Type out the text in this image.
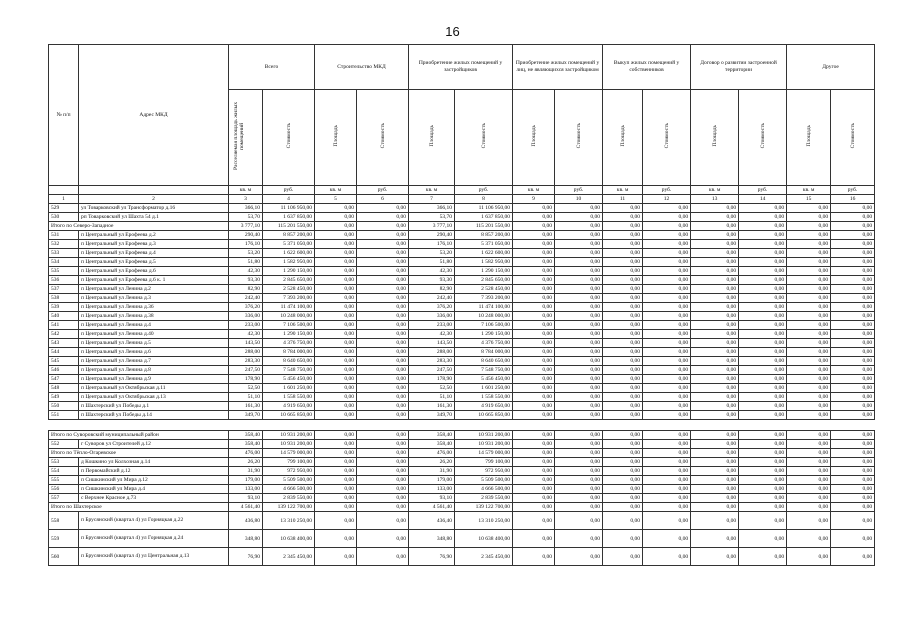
16
№ п/п	Адрес МКД	Всего		Строительство МКД		Приобретение жилых помещений у застройщиков		Приобретение жилых помещений у лиц, не являющихся застройщиком		Выкуп жилых помещений у собственников		Договор о развитии застроенной территории		Другое	
		Расселяемая площадь жилых помещений	Стоимость	Площадь	Стоимость	Площадь	Стоимость	Площадь	Стоимость	Площадь	Стоимость	Площадь	Стоимость	Площадь	Стоимость
		кв. м	руб.	кв. м	руб.	кв. м	руб.	кв. м	руб.	кв. м	руб.	кв. м	руб.	кв. м	руб.
1	2	3	4	5	6	7	8	9	10	11	12	13	14	15	16
529	ул Товарковский ул Трансформатор д.16	366,10	11 106 950,00	0,00	0,00	366,10	11 106 950,00	0,00	0,00	0,00	0,00	0,00	0,00	0,00	0,00
530	рп Товарковский ул Шахта 54 д.1	53,70	1 637 850,00	0,00	0,00	53,70	1 637 850,00	0,00	0,00	0,00	0,00	0,00	0,00	0,00	0,00
Итого по Северо-Западное		3 777,10	115 201 550,00	0,00	0,00	3 777,10	115 201 550,00	0,00	0,00	0,00	0,00	0,00	0,00	0,00	0,00
531	п Центральный ул Ерофеева д.2	290,40	8 857 200,00	0,00	0,00	290,40	8 857 200,00	0,00	0,00	0,00	0,00	0,00	0,00	0,00	0,00
532	п Центральный ул Ерофеева д.3	176,10	5 371 050,00	0,00	0,00	176,10	5 371 050,00	0,00	0,00	0,00	0,00	0,00	0,00	0,00	0,00
533	п Центральный ул Ерофеева д.4	53,20	1 622 600,00	0,00	0,00	53,20	1 622 600,00	0,00	0,00	0,00	0,00	0,00	0,00	0,00	0,00
534	п Центральный ул Ерофеева д.5	51,80	1 582 950,00	0,00	0,00	51,80	1 582 950,00	0,00	0,00	0,00	0,00	0,00	0,00	0,00	0,00
535	п Центральный ул Ерофеева д.6	42,30	1 290 150,00	0,00	0,00	42,30	1 290 150,00	0,00	0,00	0,00	0,00	0,00	0,00	0,00	0,00
536	п Центральный ул Ерофеева д.6 к. 1	93,30	2 845 650,00	0,00	0,00	93,30	2 845 650,00	0,00	0,00	0,00	0,00	0,00	0,00	0,00	0,00
537	п Центральный ул Ленина д.2	82,90	2 528 450,00	0,00	0,00	82,90	2 528 450,00	0,00	0,00	0,00	0,00	0,00	0,00	0,00	0,00
538	п Центральный ул Ленина д.3	242,40	7 393 200,00	0,00	0,00	242,40	7 393 200,00	0,00	0,00	0,00	0,00	0,00	0,00	0,00	0,00
539	п Центральный ул Ленина д.36	376,20	11 474 100,00	0,00	0,00	376,20	11 474 100,00	0,00	0,00	0,00	0,00	0,00	0,00	0,00	0,00
540	п Центральный ул Ленина д.38	336,00	10 248 000,00	0,00	0,00	336,00	10 248 000,00	0,00	0,00	0,00	0,00	0,00	0,00	0,00	0,00
541	п Центральный ул Ленина д.4	233,00	7 106 500,00	0,00	0,00	233,00	7 106 500,00	0,00	0,00	0,00	0,00	0,00	0,00	0,00	0,00
542	п Центральный ул Ленина д.40	42,30	1 290 150,00	0,00	0,00	42,30	1 290 150,00	0,00	0,00	0,00	0,00	0,00	0,00	0,00	0,00
543	п Центральный ул Ленина д.5	143,50	4 376 750,00	0,00	0,00	143,50	4 376 750,00	0,00	0,00	0,00	0,00	0,00	0,00	0,00	0,00
544	п Центральный ул Ленина д.6	288,00	8 784 000,00	0,00	0,00	288,00	8 784 000,00	0,00	0,00	0,00	0,00	0,00	0,00	0,00	0,00
545	п Центральный ул Ленина д.7	283,30	8 640 650,00	0,00	0,00	283,30	8 640 650,00	0,00	0,00	0,00	0,00	0,00	0,00	0,00	0,00
546	п Центральный ул Ленина д.8	247,50	7 548 750,00	0,00	0,00	247,50	7 548 750,00	0,00	0,00	0,00	0,00	0,00	0,00	0,00	0,00
547	п Центральный ул Ленина д.9	178,90	5 456 450,00	0,00	0,00	178,90	5 456 450,00	0,00	0,00	0,00	0,00	0,00	0,00	0,00	0,00
548	п Центральный ул Октябрьская д.11	52,50	1 601 250,00	0,00	0,00	52,50	1 601 250,00	0,00	0,00	0,00	0,00	0,00	0,00	0,00	0,00
549	п Центральный ул Октябрьская д.13	51,10	1 558 550,00	0,00	0,00	51,10	1 558 550,00	0,00	0,00	0,00	0,00	0,00	0,00	0,00	0,00
550	п Шахтерский ул Победы д.1	161,30	4 919 650,00	0,00	0,00	161,30	4 919 650,00	0,00	0,00	0,00	0,00	0,00	0,00	0,00	0,00
551	п Шахтерский ул Победы д.14	349,70	10 665 850,00	0,00	0,00	349,70	10 665 850,00	0,00	0,00	0,00	0,00	0,00	0,00	0,00	0,00

Итого по Суворовский муниципальный район		358,40	10 931 200,00	0,00	0,00	358,40	10 931 200,00	0,00	0,00	0,00	0,00	0,00	0,00	0,00	0,00
552	г Суворов ул Строителей д.12	358,40	10 931 200,00	0,00	0,00	358,40	10 931 200,00	0,00	0,00	0,00	0,00	0,00	0,00	0,00	0,00
Итого по Тёпло-Огаревское		476,00	14 579 000,00	0,00	0,00	476,00	14 579 000,00	0,00	0,00	0,00	0,00	0,00	0,00	0,00	0,00
553	д Кошкино ул Колхозная д.14	26,20	799 100,00	0,00	0,00	26,20	799 100,00	0,00	0,00	0,00	0,00	0,00	0,00	0,00	0,00
554	п Первомайский д.12	31,90	972 950,00	0,00	0,00	31,90	972 950,00	0,00	0,00	0,00	0,00	0,00	0,00	0,00	0,00
555	п Сишкинский ул Мира д.12	179,00	5 509 500,00	0,00	0,00	179,00	5 509 500,00	0,00	0,00	0,00	0,00	0,00	0,00	0,00	0,00
556	п Сишкинский ул Мира д.4	133,00	4 666 500,00	0,00	0,00	133,00	4 666 500,00	0,00	0,00	0,00	0,00	0,00	0,00	0,00	0,00
557	с Верхнее Красное д.73	93,10	2 839 550,00	0,00	0,00	93,10	2 839 550,00	0,00	0,00	0,00	0,00	0,00	0,00	0,00	0,00
Итого по Шахтерское		4 561,40	139 122 700,00	0,00	0,00	4 561,40	139 122 700,00	0,00	0,00	0,00	0,00	0,00	0,00	0,00	0,00
558	п Брусянский (квартал 4) ул Горняцкая д.22	436,80	13 310 250,00	0,00	0,00	436,40	13 310 250,00	0,00	0,00	0,00	0,00	0,00	0,00	0,00	0,00
559	п Брусянский (квартал 4) ул Горняцкая д.24	348,80	10 638 400,00	0,00	0,00	348,80	10 638 400,00	0,00	0,00	0,00	0,00	0,00	0,00	0,00	0,00
560	п Брусянский (квартал 4) ул Центральная д.13	76,90	2 345 450,00	0,00	0,00	76,90	2 345 450,00	0,00	0,00	0,00	0,00	0,00	0,00	0,00	0,00
